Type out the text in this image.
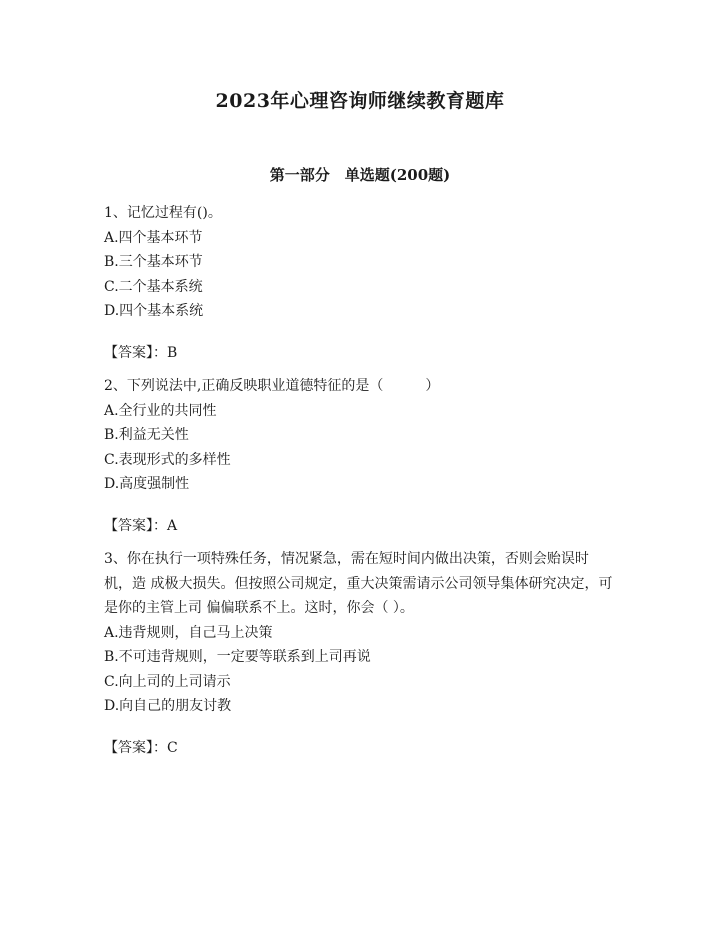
2023年心理咨询师继续教育题库
第一部分　单选题(200题)

1、记忆过程有()。

A.四个基本环节

B.三个基本环节

C.二个基本系统

D.四个基本系统

【答案】：B

2、下列说法中,正确反映职业道德特征的是（　　　）

A.全行业的共同性

B.利益无关性

C.表现形式的多样性

D.高度强制性

【答案】：A

3、你在执行一项特殊任务，情况紧急，需在短时间内做出决策，否则会贻误时机，造 成极大损失。但按照公司规定，重大决策需请示公司领导集体研究决定，可是你的主管上司 偏偏联系不上。这时，你会（ ）。

A.违背规则，自己马上决策

B.不可违背规则，一定要等联系到上司再说

C.向上司的上司请示

D.向自己的朋友讨教

【答案】：C
